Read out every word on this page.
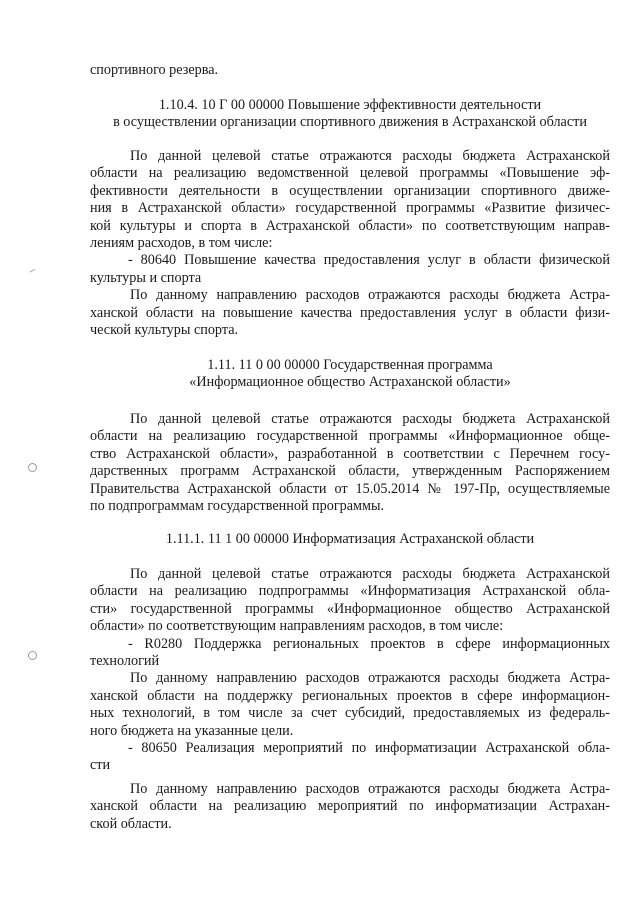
спортивного резерва.
1.10.4. 10 Г 00 00000 Повышение эффективности деятельности
в осуществлении организации спортивного движения в Астраханской области
По данной целевой статье отражаются расходы бюджета Астраханской
области на реализацию ведомственной целевой программы «Повышение эф-
фективности деятельности в осуществлении организации спортивного движе-
ния в Астраханской области» государственной программы «Развитие физичес-
кой культуры и спорта в Астраханской области» по соответствующим направ-
лениям расходов, в том числе:
- 80640 Повышение качества предоставления услуг в области физической
культуры и спорта
По данному направлению расходов отражаются расходы бюджета Астра-
ханской области на повышение качества предоставления услуг в области физи-
ческой культуры спорта.
1.11. 11 0 00 00000 Государственная программа
«Информационное общество Астраханской области»
По данной целевой статье отражаются расходы бюджета Астраханской
области на реализацию государственной программы «Информационное обще-
ство Астраханской области», разработанной в соответствии с Перечнем госу-
дарственных программ Астраханской области, утвержденным Распоряжением
Правительства Астраханской области от 15.05.2014 № 197-Пр, осуществляемые
по подпрограммам государственной программы.
1.11.1. 11 1 00 00000 Информатизация Астраханской области
По данной целевой статье отражаются расходы бюджета Астраханской
области на реализацию подпрограммы «Информатизация Астраханской обла-
сти» государственной программы «Информационное общество Астраханской
области» по соответствующим направлениям расходов, в том числе:
- R0280 Поддержка региональных проектов в сфере информационных
технологий
По данному направлению расходов отражаются расходы бюджета Астра-
ханской области на поддержку региональных проектов в сфере информацион-
ных технологий, в том числе за счет субсидий, предоставляемых из федераль-
ного бюджета на указанные цели.
- 80650 Реализация мероприятий по информатизации Астраханской обла-
сти
По данному направлению расходов отражаются расходы бюджета Астра-
ханской области на реализацию мероприятий по информатизации Астрахан-
ской области.
